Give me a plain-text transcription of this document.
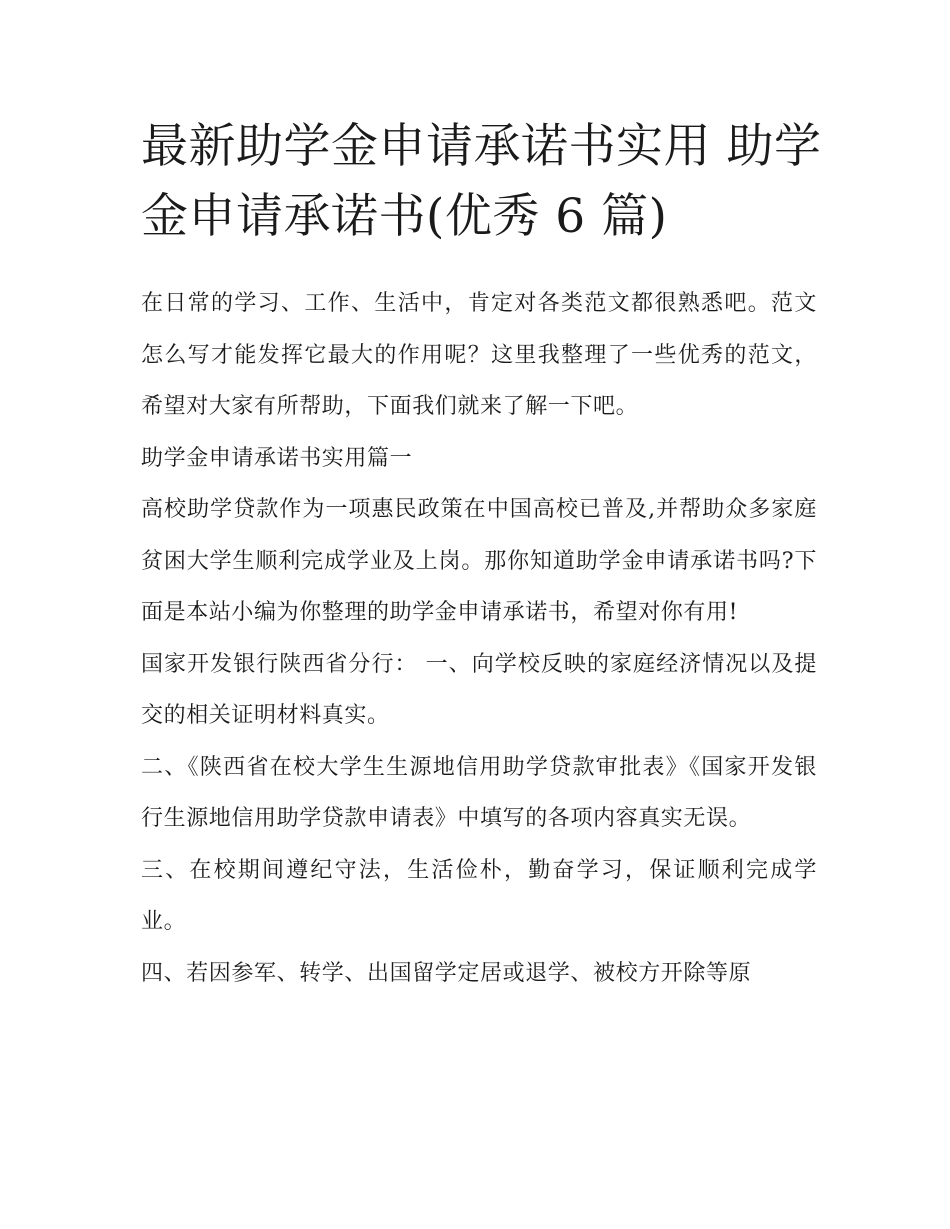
最新助学金申请承诺书实用 助学金申请承诺书(优秀 6 篇)

在日常的学习、工作、生活中，肯定对各类范文都很熟悉吧。范文怎么写才能发挥它最大的作用呢？这里我整理了一些优秀的范文，希望对大家有所帮助，下面我们就来了解一下吧。

助学金申请承诺书实用篇一

高校助学贷款作为一项惠民政策在中国高校已普及,并帮助众多家庭贫困大学生顺利完成学业及上岗。那你知道助学金申请承诺书吗?下面是本站小编为你整理的助学金申请承诺书，希望对你有用!

国家开发银行陕西省分行： 一、向学校反映的家庭经济情况以及提交的相关证明材料真实。

二、《陕西省在校大学生生源地信用助学贷款审批表》《国家开发银行生源地信用助学贷款申请表》中填写的各项内容真实无误。

三、在校期间遵纪守法，生活俭朴，勤奋学习，保证顺利完成学业。

四、若因参军、转学、出国留学定居或退学、被校方开除等原
